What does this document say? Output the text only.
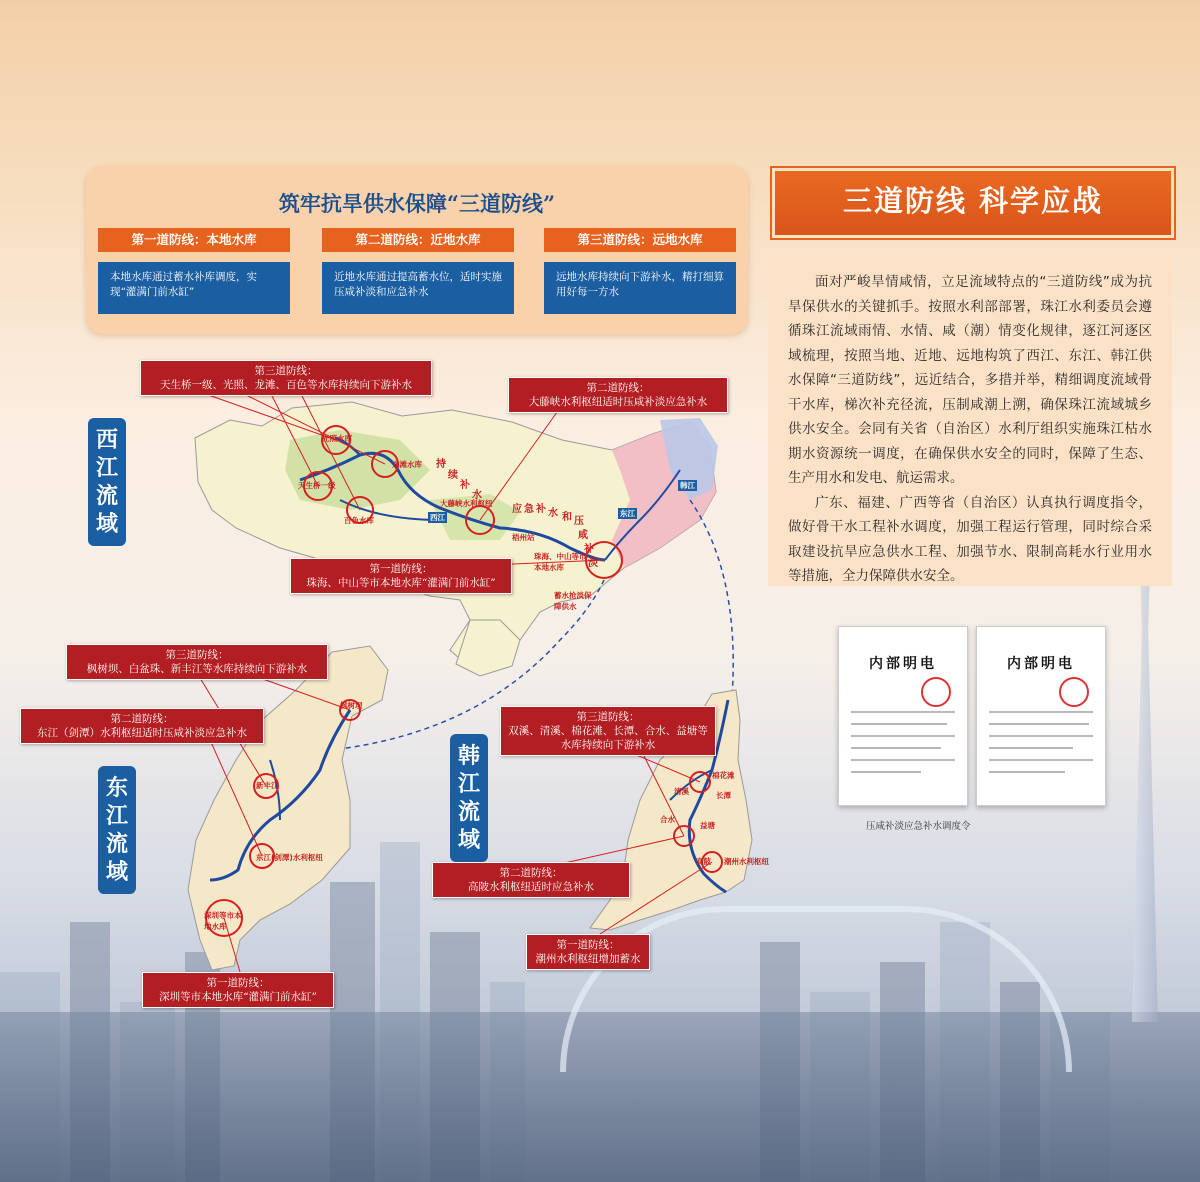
筑牢抗旱供水保障“三道防线”
第一道防线：本地水库
本地水库通过蓄水补库调度，实现“灌满门前水缸”
第二道防线：近地水库
近地水库通过提高蓄水位，适时实施压咸补淡和应急补水
第三道防线：远地水库
远地水库持续向下游补水，精打细算用好每一方水
三道防线 科学应战

面对严峻旱情咸情，立足流域特点的“三道防线”成为抗旱保供水的关键抓手。按照水利部部署，珠江水利委员会遵循珠江流域雨情、水情、咸（潮）情变化规律，逐江河逐区域梳理，按照当地、近地、远地构筑了西江、东江、韩江供水保障“三道防线”，远近结合，多措并举，精细调度流域骨干水库，梯次补充径流，压制咸潮上溯，确保珠江流域城乡供水安全。会同有关省（自治区）水利厅组织实施珠江枯水期水资源统一调度，在确保供水安全的同时，保障了生态、生产用水和发电、航运需求。

广东、福建、广西等省（自治区）认真执行调度指令，做好骨干水工程补水调度，加强工程运行管理，同时综合采取建设抗旱应急供水工程、加强节水、限制高耗水行业用水等措施，全力保障供水安全。

内部明电	内部明电
压咸补淡应急补水调度令
西江流域
东江流域
韩江流域
第三道防线：
天生桥一级、光照、龙滩、百色等水库持续向下游补水	第二道防线：
大藤峡水利枢纽适时压咸补淡应急补水
第一道防线：
珠海、中山等市本地水库“灌满门前水缸”
第三道防线：
枫树坝、白盆珠、新丰江等水库持续向下游补水
第二道防线：
东江（剑潭）水利枢纽适时压咸补淡应急补水
第一道防线：
深圳等市本地水库“灌满门前水缸”
第三道防线：
双溪、清溪、棉花滩、长潭、合水、益塘等水库持续向下游补水
第二道防线：
高陂水利枢纽适时应急补水
第一道防线：
潮州水利枢纽增加蓄水
光照水库
龙滩水库
天生桥一级
百色水库
大藤峡水利枢纽
梧州站
珠海、中山等市本地水库
蓄水抢淡保障供水
持
续
补
水
应 急 补 水 和 压
咸
补
淡
西江	东江
韩江
枫树坝
新丰江
东江(剑潭)水利枢纽
深圳等市本地水库
棉花滩
清溪	长潭
合水
益塘
高陂 潮州水利枢纽
